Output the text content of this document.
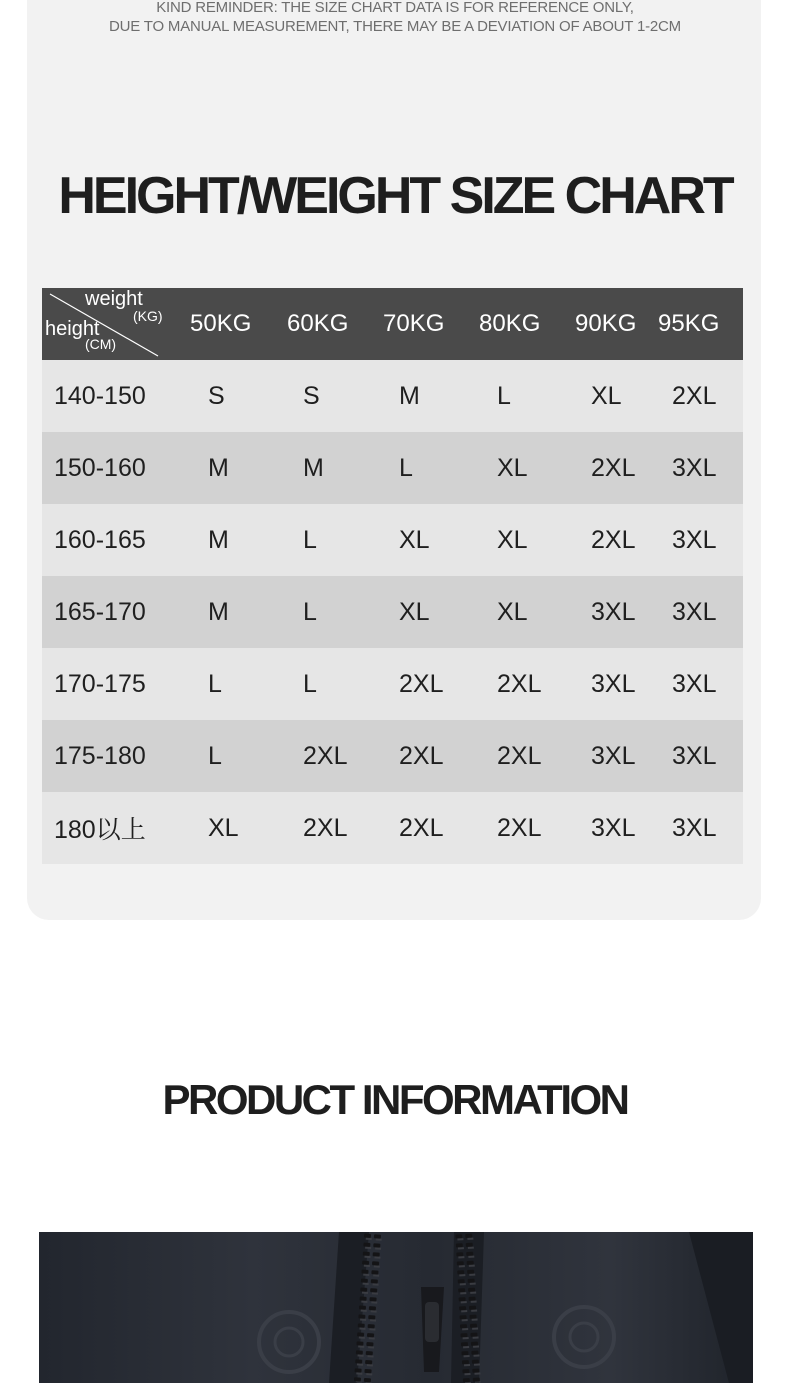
KIND REMINDER: THE SIZE CHART DATA IS FOR REFERENCE ONLY,
DUE TO MANUAL MEASUREMENT, THERE MAY BE A DEVIATION OF ABOUT 1-2CM
HEIGHT/WEIGHT SIZE CHART
weight
(KG)
height
(CM)	50KG	60KG	70KG	80KG	90KG	95KG
140-150	S	S	M	L	XL	2XL
150-160	M	M	L	XL	2XL	3XL
160-165	M	L	XL	XL	2XL	3XL
165-170	M	L	XL	XL	3XL	3XL
170-175	L	L	2XL	2XL	3XL	3XL
175-180	L	2XL	2XL	2XL	3XL	3XL
180以上	XL	2XL	2XL	2XL	3XL	3XL
PRODUCT INFORMATION
